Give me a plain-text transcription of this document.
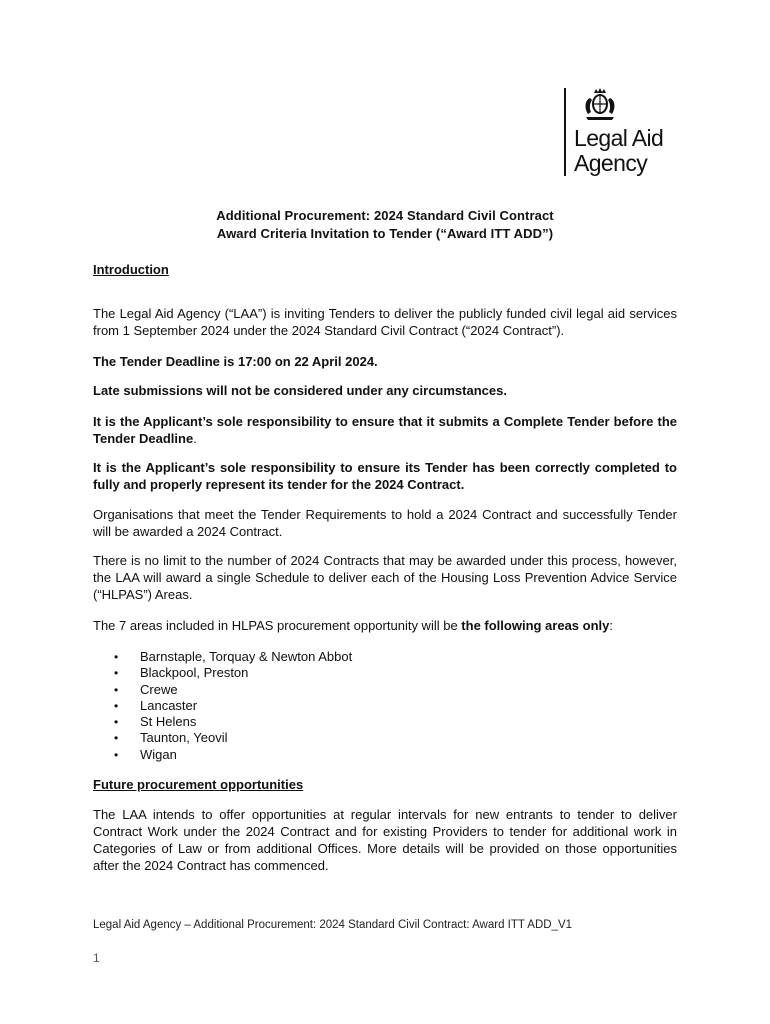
Legal Aid
Agency
Additional Procurement: 2024 Standard Civil Contract
Award Criteria Invitation to Tender (“Award ITT ADD”)
Introduction
The Legal Aid Agency (“LAA”) is inviting Tenders to deliver the publicly funded civil legal aid services from 1 September 2024 under the 2024 Standard Civil Contract (“2024 Contract”).
The Tender Deadline is 17:00 on 22 April 2024.
Late submissions will not be considered under any circumstances.
It is the Applicant’s sole responsibility to ensure that it submits a Complete Tender before the Tender Deadline.
It is the Applicant’s sole responsibility to ensure its Tender has been correctly completed to fully and properly represent its tender for the 2024 Contract.
Organisations that meet the Tender Requirements to hold a 2024 Contract and successfully Tender will be awarded a 2024 Contract.
There is no limit to the number of 2024 Contracts that may be awarded under this process, however, the LAA will award a single Schedule to deliver each of the Housing Loss Prevention Advice Service (“HLPAS”) Areas.
The 7 areas included in HLPAS procurement opportunity will be the following areas only:
• Barnstaple, Torquay & Newton Abbot
• Blackpool, Preston
• Crewe
• Lancaster
• St Helens
• Taunton, Yeovil
• Wigan
Future procurement opportunities
The LAA intends to offer opportunities at regular intervals for new entrants to tender to deliver Contract Work under the 2024 Contract and for existing Providers to tender for additional work in Categories of Law or from additional Offices. More details will be provided on those opportunities after the 2024 Contract has commenced.
Legal Aid Agency – Additional Procurement: 2024 Standard Civil Contract: Award ITT ADD_V1
1
